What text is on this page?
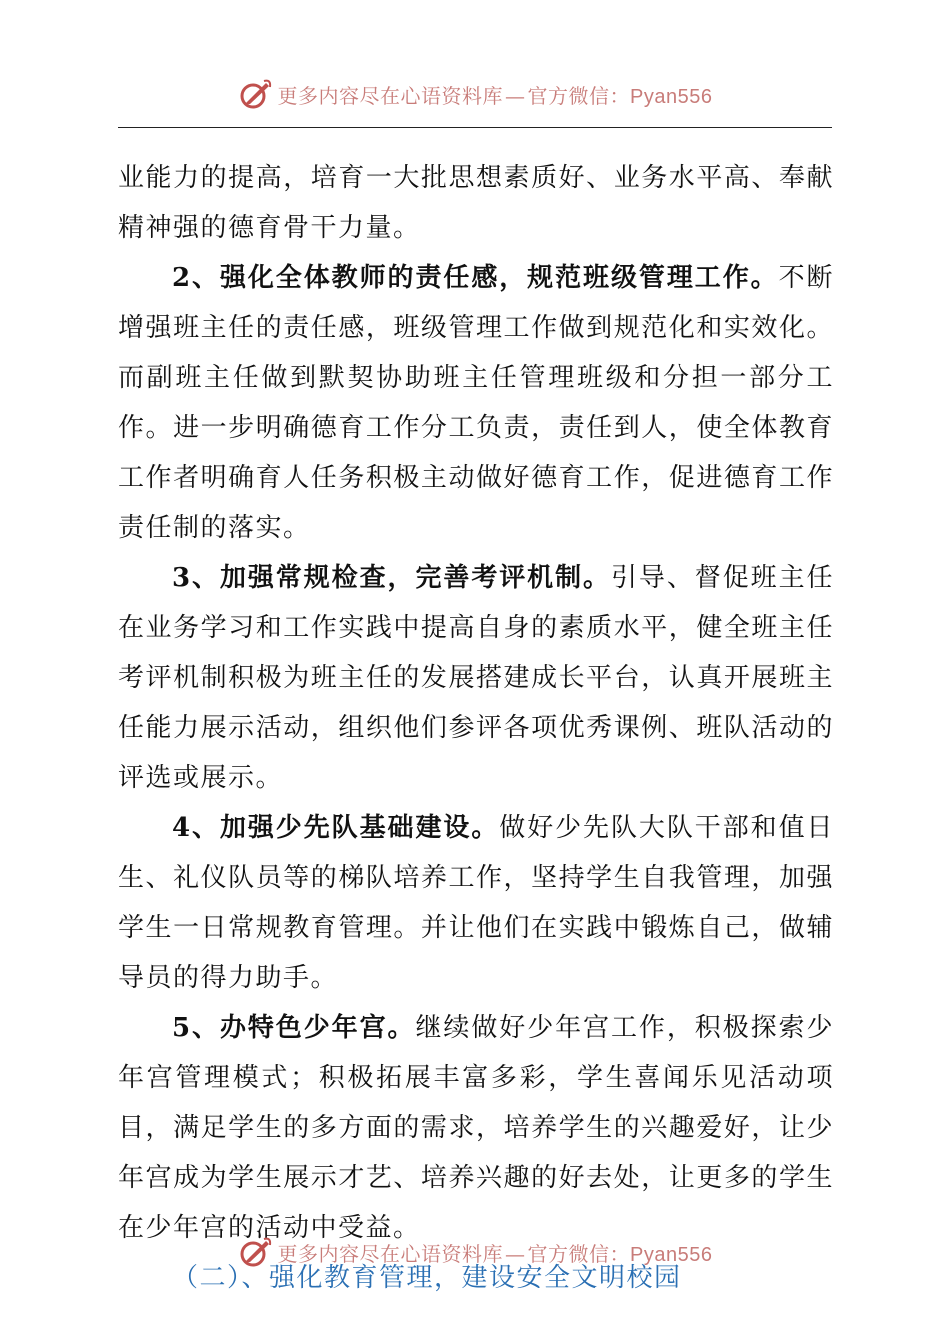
更多内容尽在心语资料库 — 官方微信：Pyan556

业能力的提高，培育一大批思想素质好、业务水平高、奉献精神强的德育骨干力量。

2、强化全体教师的责任感，规范班级管理工作。不断增强班主任的责任感，班级管理工作做到规范化和实效化。而副班主任做到默契协助班主任管理班级和分担一部分工作。进一步明确德育工作分工负责，责任到人，使全体教育工作者明确育人任务积极主动做好德育工作，促进德育工作责任制的落实。

3、加强常规检查，完善考评机制。引导、督促班主任在业务学习和工作实践中提高自身的素质水平，健全班主任考评机制积极为班主任的发展搭建成长平台，认真开展班主任能力展示活动，组织他们参评各项优秀课例、班队活动的评选或展示。

4、加强少先队基础建设。做好少先队大队干部和值日生、礼仪队员等的梯队培养工作，坚持学生自我管理，加强学生一日常规教育管理。并让他们在实践中锻炼自己，做辅导员的得力助手。

5、办特色少年宫。继续做好少年宫工作，积极探索少年宫管理模式；积极拓展丰富多彩，学生喜闻乐见活动项目，满足学生的多方面的需求，培养学生的兴趣爱好，让少年宫成为学生展示才艺、培养兴趣的好去处，让更多的学生在少年宫的活动中受益。

（二）、强化教育管理，建设安全文明校园

更多内容尽在心语资料库 — 官方微信：Pyan556
